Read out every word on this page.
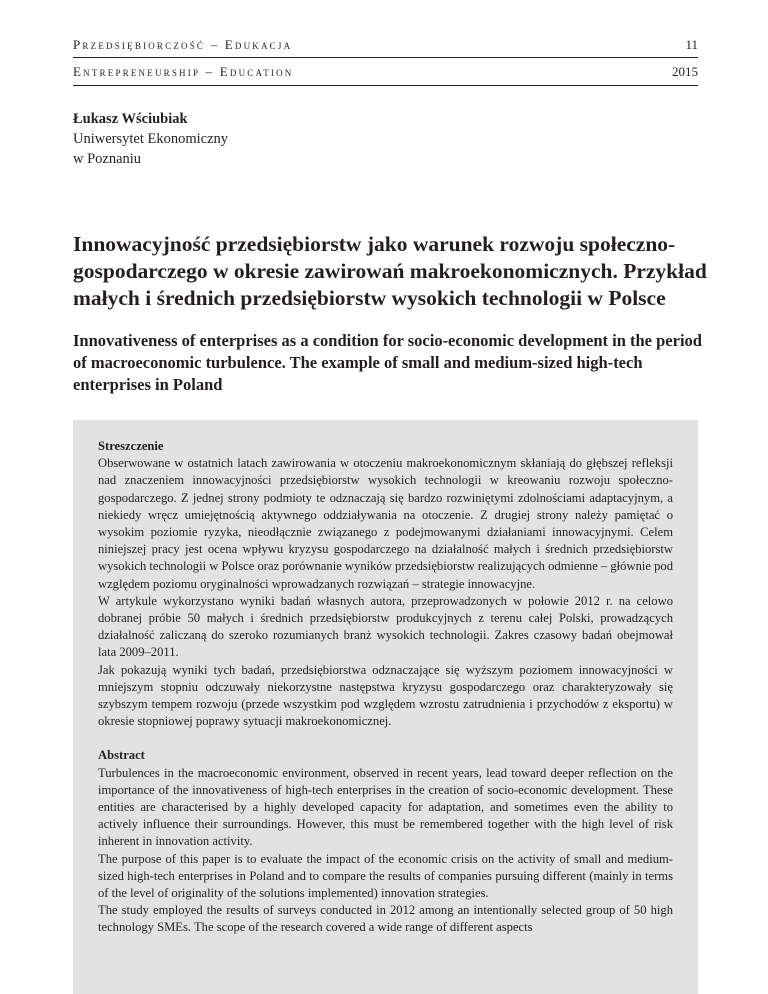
Przedsiębiorczość – Edukacja	11
Entrepreneurship – Education	2015
Łukasz Wściubiak
Uniwersytet Ekonomiczny
w Poznaniu
Innowacyjność przedsiębiorstw jako warunek rozwoju społeczno-gospodarczego w okresie zawirowań makroekonomicznych. Przykład małych i średnich przedsiębiorstw wysokich technologii w Polsce
Innovativeness of enterprises as a condition for socio-economic development in the period of macroeconomic turbulence. The example of small and medium-sized high-tech enterprises in Poland
Streszczenie

Obserwowane w ostatnich latach zawirowania w otoczeniu makroekonomicznym skłaniają do głębszej refleksji nad znaczeniem innowacyjności przedsiębiorstw wysokich technologii w kreowaniu rozwoju społeczno-gospodarczego. Z jednej strony podmioty te odznaczają się bardzo rozwiniętymi zdolnościami adaptacyjnym, a niekiedy wręcz umiejętnością aktywnego oddziaływania na otoczenie. Z drugiej strony należy pamiętać o wysokim poziomie ryzyka, nieodłącznie związanego z podejmowanymi działaniami innowacyjnymi. Celem niniejszej pracy jest ocena wpływu kryzysu gospodarczego na działalność małych i średnich przedsiębiorstw wysokich technologii w Polsce oraz porównanie wyników przedsiębiorstw realizujących odmienne – głównie pod względem poziomu oryginalności wprowadzanych rozwiązań – strategie innowacyjne.

W artykule wykorzystano wyniki badań własnych autora, przeprowadzonych w połowie 2012 r. na celowo dobranej próbie 50 małych i średnich przedsiębiorstw produkcyjnych z terenu całej Polski, prowadzących działalność zaliczaną do szeroko rozumianych branż wysokich technologii. Zakres czasowy badań obejmował lata 2009–2011.

Jak pokazują wyniki tych badań, przedsiębiorstwa odznaczające się wyższym poziomem innowacyjności w mniejszym stopniu odczuwały niekorzystne następstwa kryzysu gospodarczego oraz charakteryzowały się szybszym tempem rozwoju (przede wszystkim pod względem wzrostu zatrudnienia i przychodów z eksportu) w okresie stopniowej poprawy sytuacji makroekonomicznej.

Abstract

Turbulences in the macroeconomic environment, observed in recent years, lead toward deeper reflection on the importance of the innovativeness of high-tech enterprises in the creation of socio-economic development. These entities are characterised by a highly developed capacity for adaptation, and sometimes even the ability to actively influence their surroundings. However, this must be remembered together with the high level of risk inherent in innovation activity.

The purpose of this paper is to evaluate the impact of the economic crisis on the activity of small and medium-sized high-tech enterprises in Poland and to compare the results of companies pursuing different (mainly in terms of the level of originality of the solutions implemented) innovation strategies.

The study employed the results of surveys conducted in 2012 among an intentionally selected group of 50 high technology SMEs. The scope of the research covered a wide range of different aspects
